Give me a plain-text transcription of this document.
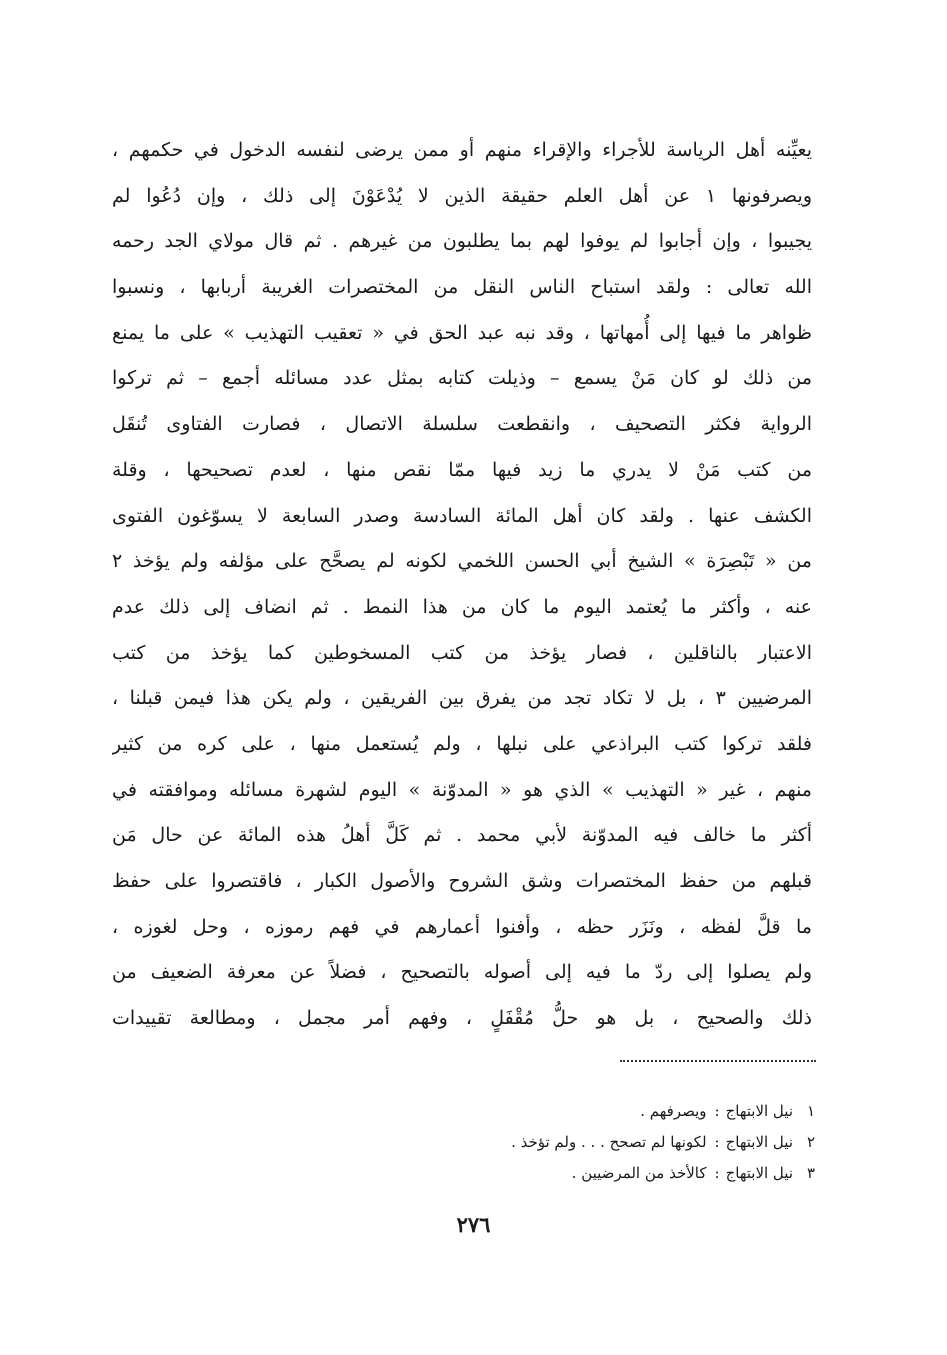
يعيِّنه أهل الرياسة للأجراء والإقراء منهم أو ممن يرضى لنفسه الدخول في حكمهم ،
ويصرفونها ١ عن أهل العلم حقيقة الذين لا يُدْعَوْنَ إلى ذلك ، وإن دُعُوا لم
يجيبوا ، وإن أجابوا لم يوفوا لهم بما يطلبون من غيرهم . ثم قال مولاي الجد رحمه
الله تعالى : ولقد استباح الناس النقل من المختصرات الغريبة أربابها ، ونسبوا
ظواهر ما فيها إلى أُمهاتها ، وقد نبه عبد الحق في « تعقيب التهذيب » على ما يمنع
من ذلك لو كان مَنْ يسمع – وذيلت كتابه بمثل عدد مسائله أجمع – ثم تركوا
الرواية فكثر التصحيف ، وانقطعت سلسلة الاتصال ، فصارت الفتاوى تُنقَل
من كتب مَنْ لا يدري ما زيد فيها ممّا نقص منها ، لعدم تصحيحها ، وقلة
الكشف عنها . ولقد كان أهل المائة السادسة وصدر السابعة لا يسوّغون الفتوى
من « تَبْصِرَة » الشيخ أبي الحسن اللخمي لكونه لم يصحَّح على مؤلفه ولم يؤخذ ٢
عنه ، وأكثر ما يُعتمد اليوم ما كان من هذا النمط . ثم انضاف إلى ذلك عدم
الاعتبار بالناقلين ، فصار يؤخذ من كتب المسخوطين كما يؤخذ من كتب
المرضيين ٣ ، بل لا تكاد تجد من يفرق بين الفريقين ، ولم يكن هذا فيمن قبلنا ،
فلقد تركوا كتب البراذعي على نبلها ، ولم يُستعمل منها ، على كره من كثير
منهم ، غير « التهذيب » الذي هو « المدوّنة » اليوم لشهرة مسائله وموافقته في
أكثر ما خالف فيه المدوّنة لأبي محمد . ثم كَلَّ أهلُ هذه المائة عن حال مَن
قبلهم من حفظ المختصرات وشق الشروح والأصول الكبار ، فاقتصروا على حفظ
ما قلَّ لفظه ، ونَزَر حظه ، وأفنوا أعمارهم في فهم رموزه ، وحل لغوزه ،
ولم يصلوا إلى ردّ ما فيه إلى أصوله بالتصحيح ، فضلاً عن معرفة الضعيف من
ذلك والصحيح ، بل هو حلُّ مُقْفَلٍ ، وفهم أمر مجمل ، ومطالعة تقييدات
١
نيل الابتهاج
:
ويصرفهم .
٢
نيل الابتهاج
:
لكونها لم تصحح . . . ولم تؤخذ .
٣
نيل الابتهاج
:
كالأخذ من المرضيين .
٢٧٦
